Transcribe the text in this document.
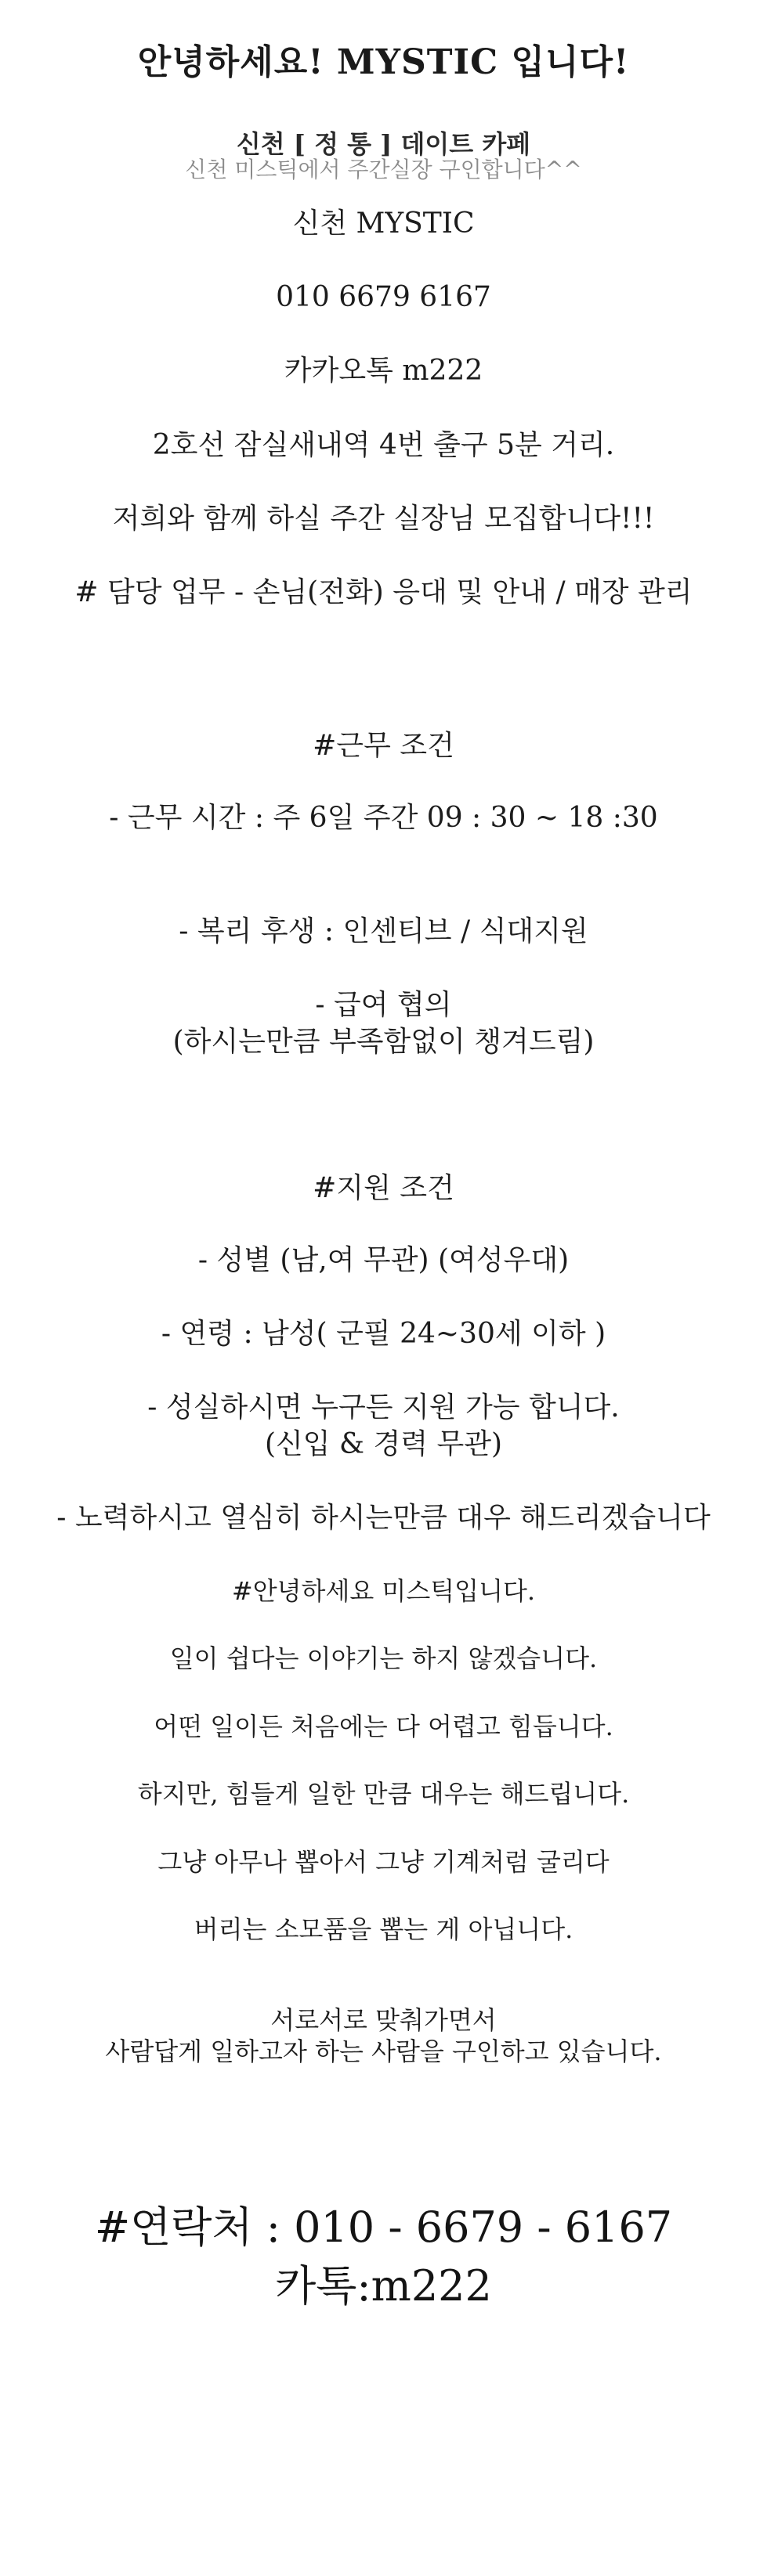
안녕하세요! MYSTIC 입니다!
신천 [ 정 통 ] 데이트 카페
신천 미스틱에서 주간실장 구인합니다^^
신천 MYSTIC
010 6679 6167
카카오톡 m222
2호선 잠실새내역 4번 출구 5분 거리.
저희와 함께 하실 주간 실장님 모집합니다!!!
# 담당 업무 - 손님(전화) 응대 및 안내 / 매장 관리
#근무 조건
- 근무 시간 : 주 6일 주간 09 : 30 ~ 18 :30
- 복리 후생 : 인센티브 / 식대지원
- 급여 협의
(하시는만큼 부족함없이 챙겨드림)
#지원 조건
- 성별 (남,여 무관) (여성우대)
- 연령 : 남성( 군필 24~30세 이하 )
- 성실하시면 누구든 지원 가능 합니다.
(신입 & 경력 무관)
- 노력하시고 열심히 하시는만큼 대우 해드리겠습니다
#안녕하세요 미스틱입니다.
일이 쉽다는 이야기는 하지 않겠습니다.
어떤 일이든 처음에는 다 어렵고 힘듭니다.
하지만, 힘들게 일한 만큼 대우는 해드립니다.
그냥 아무나 뽑아서 그냥 기계처럼 굴리다
버리는 소모품을 뽑는 게 아닙니다.
서로서로 맞춰가면서
사람답게 일하고자 하는 사람을 구인하고 있습니다.
#연락처 : 010 - 6679 - 6167
카톡:m222
